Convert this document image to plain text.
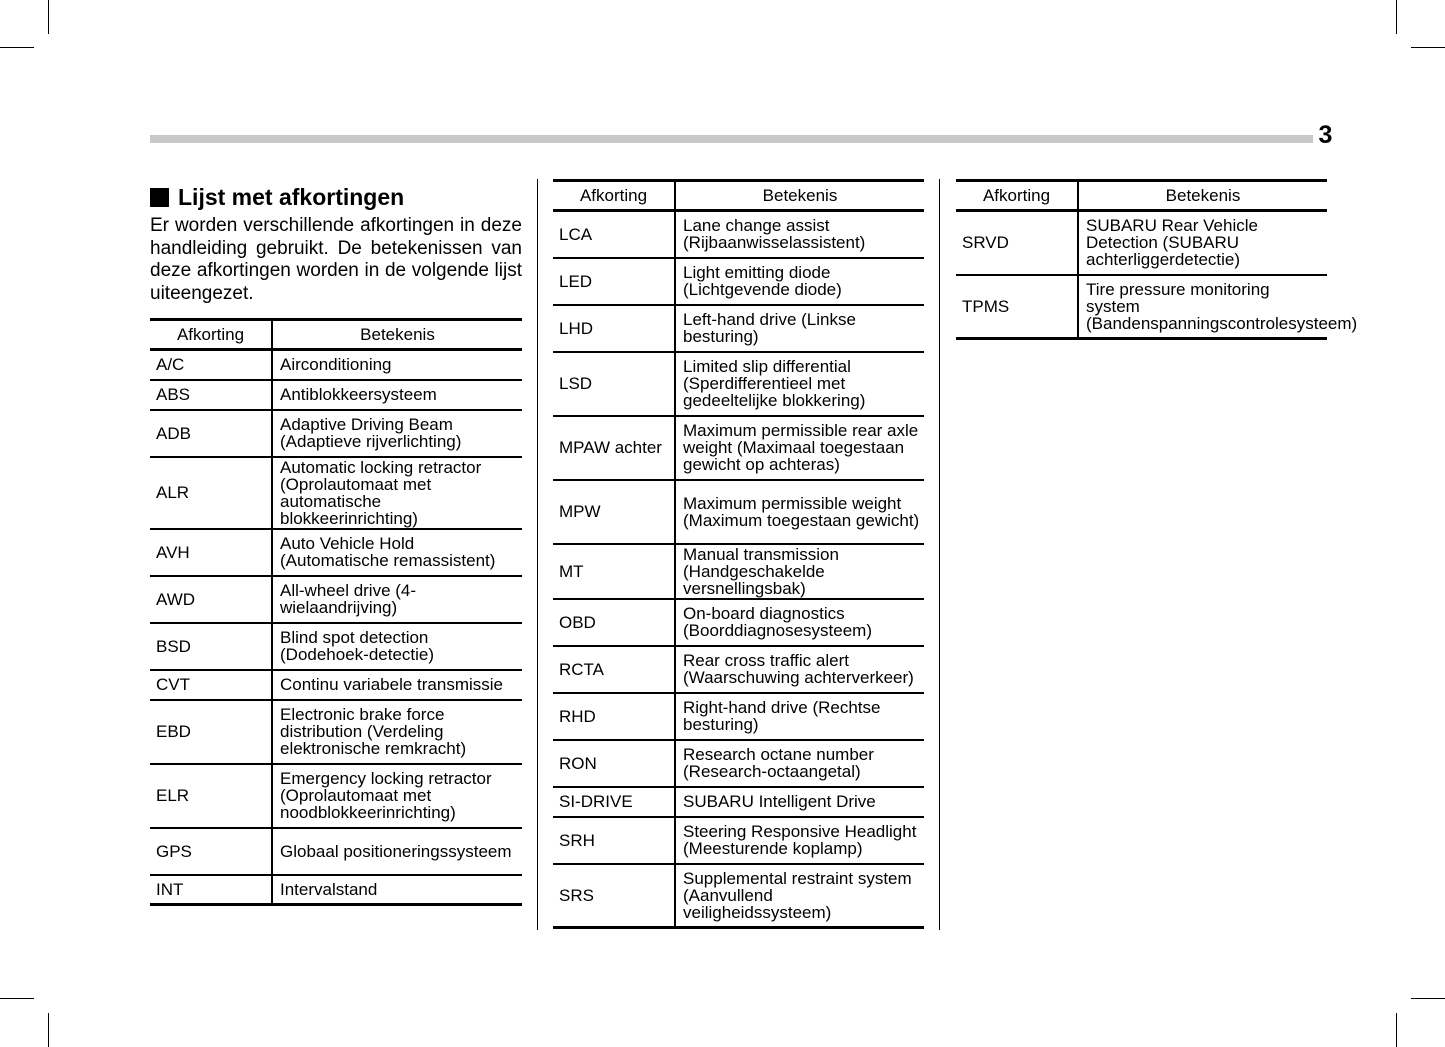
3
Lijst met afkortingen
Er worden verschillende afkortingen in deze handleiding gebruikt. De betekenissen van deze afkortingen worden in de volgende lijst uiteengezet.
Afkorting	Betekenis
A/C	Airconditioning
ABS	Antiblokkeersysteem
ADB	Adaptive Driving Beam (Adaptieve rijverlichting)
ALR	Automatic locking retractor (Oprolautomaat met automatische blokkeerinrichting)
AVH	Auto Vehicle Hold (Automatische remassistent)
AWD	All-wheel drive (4-wielaandrijving)
BSD	Blind spot detection (Dodehoek-detectie)
CVT	Continu variabele transmissie
EBD	Electronic brake force distribution (Verdeling elektronische remkracht)
ELR	Emergency locking retractor (Oprolautomaat met noodblokkeerinrichting)
GPS	Globaal positioneringssysteem
INT	Intervalstand
Afkorting	Betekenis
LCA	Lane change assist (Rijbaanwisselassistent)
LED	Light emitting diode (Lichtgevende diode)
LHD	Left-hand drive (Linkse besturing)
LSD	Limited slip differential (Sperdifferentieel met gedeeltelijke blokkering)
MPAW achter	Maximum permissible rear axle weight (Maximaal toegestaan gewicht op achteras)
MPW	Maximum permissible weight (Maximum toegestaan gewicht)
MT	Manual transmission (Handgeschakelde versnellingsbak)
OBD	On-board diagnostics (Boorddiagnosesysteem)
RCTA	Rear cross traffic alert (Waarschuwing achterverkeer)
RHD	Right-hand drive (Rechtse besturing)
RON	Research octane number (Research-octaangetal)
SI-DRIVE	SUBARU Intelligent Drive
SRH	Steering Responsive Headlight (Meesturende koplamp)
SRS	Supplemental restraint system (Aanvullend veiligheidssysteem)
Afkorting	Betekenis
SRVD	SUBARU Rear Vehicle Detection (SUBARU achterliggerdetectie)
TPMS	Tire pressure monitoring system (Bandenspanningscontrolesysteem)
